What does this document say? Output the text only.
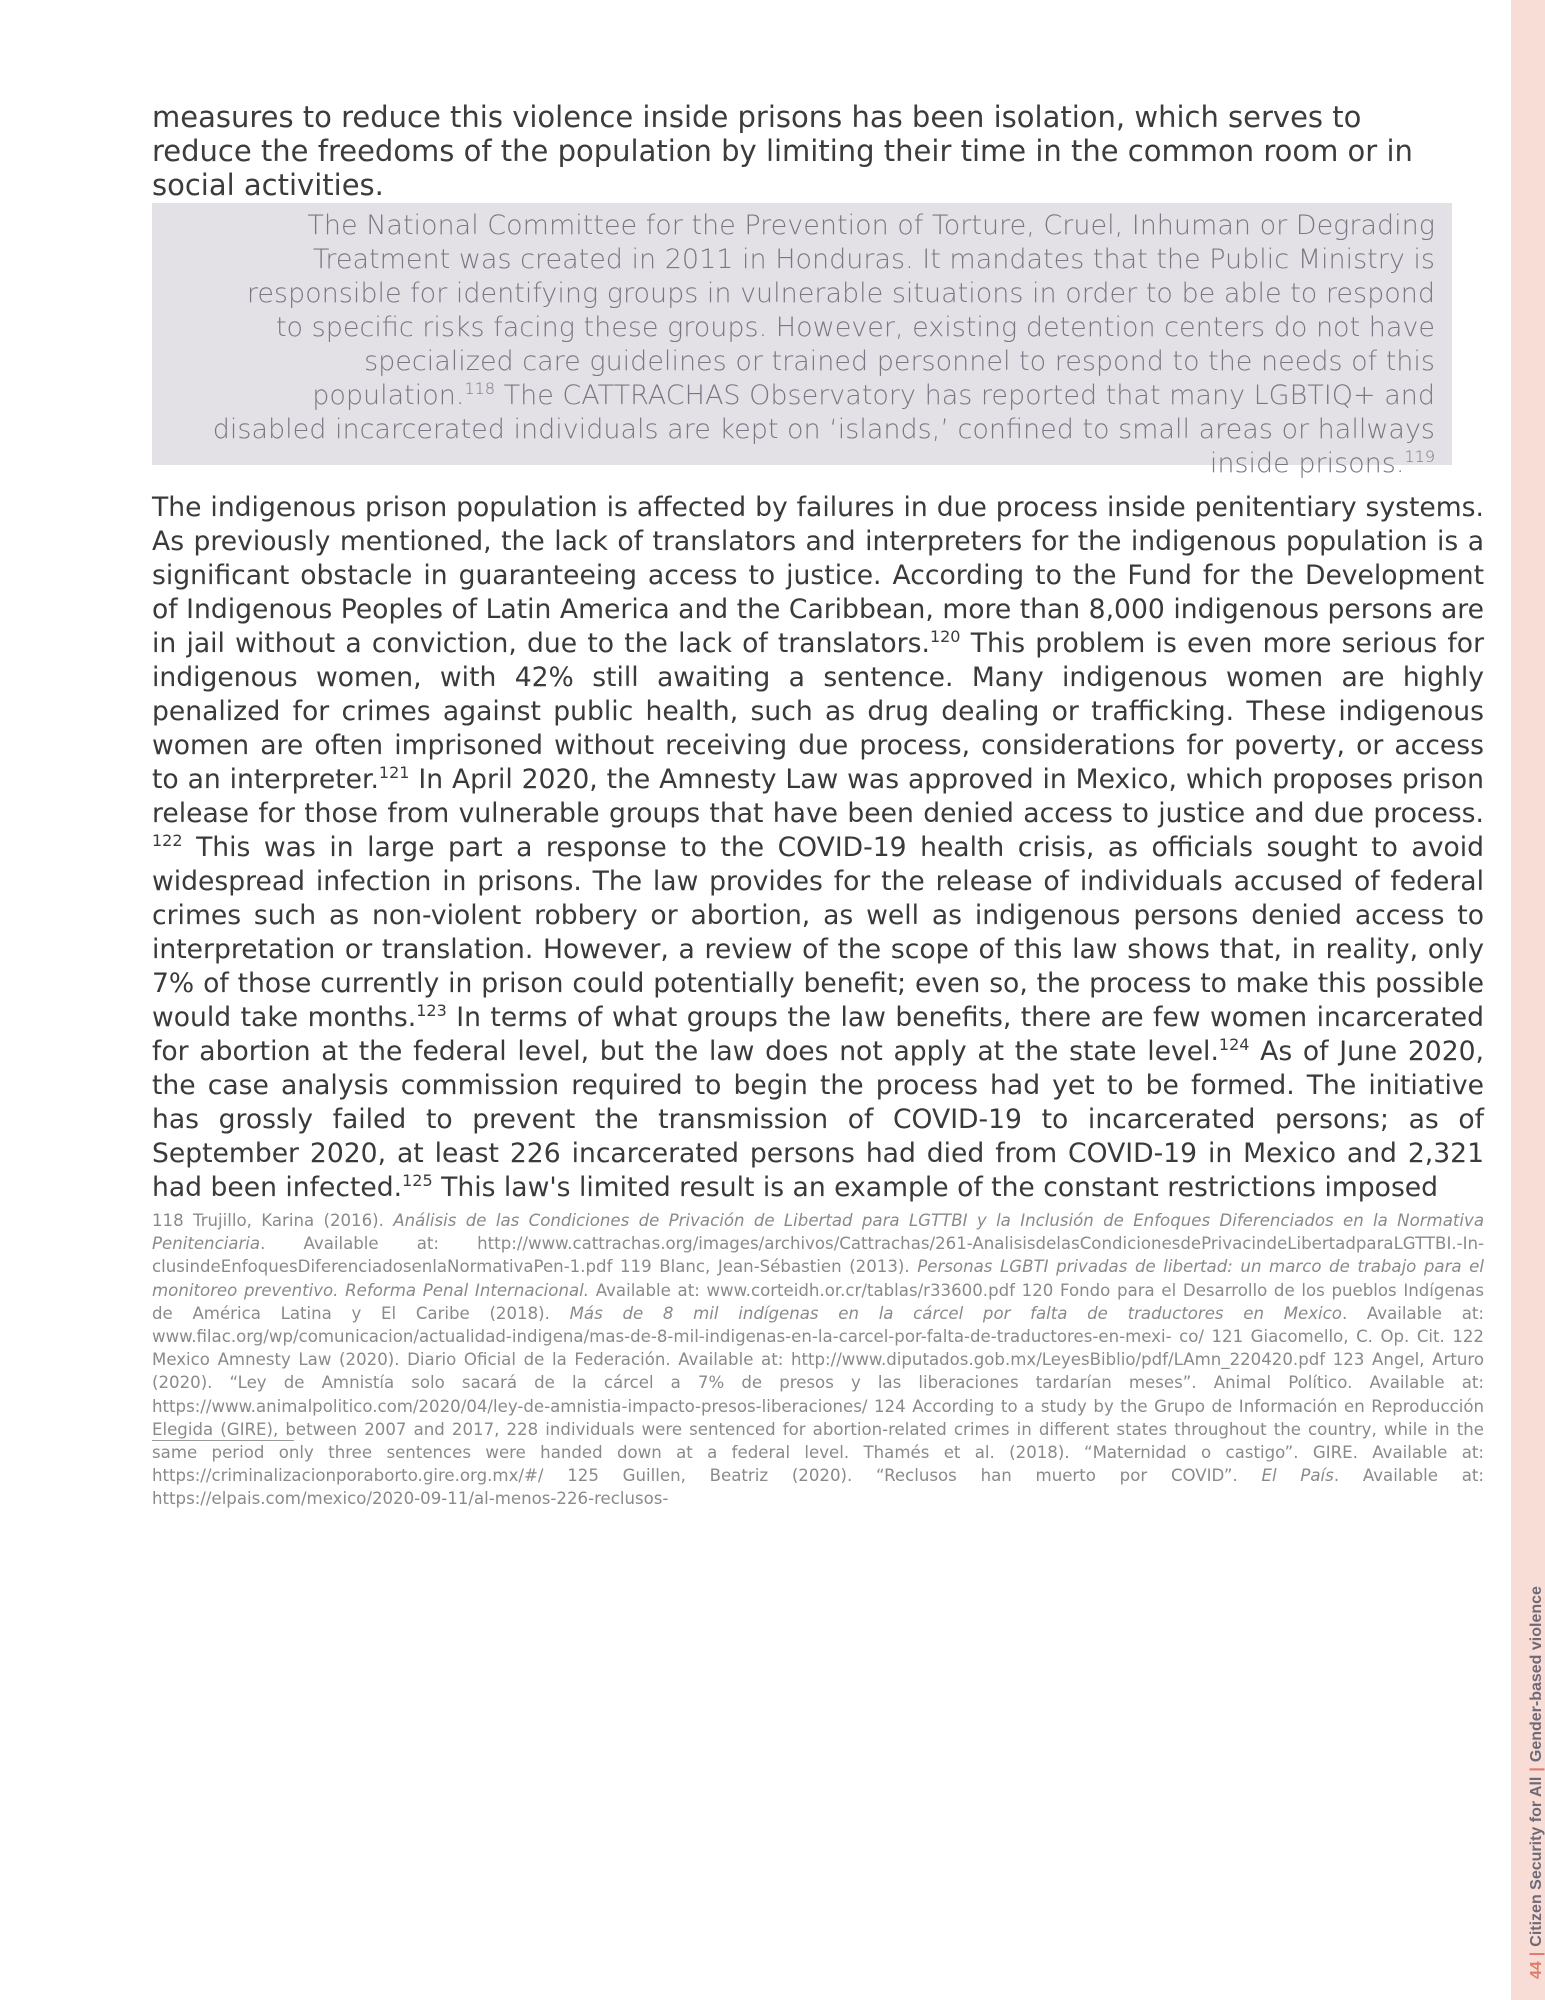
measures to reduce this violence inside prisons has been isolation, which serves to reduce the freedoms of the population by limiting their time in the common room or in social activities.

The National Committee for the Prevention of Torture, Cruel, Inhuman or Degrading Treatment was created in 2011 in Honduras. It mandates that the Public Ministry is responsible for identifying groups in vulnerable situations in order to be able to respond to specific risks facing these groups. However, existing detention centers do not have specialized care guidelines or trained personnel to respond to the needs of this population.$^{118}$ The CATTRACHAS Observatory has reported that many LGBTIQ+ and disabled incarcerated individuals are kept on ‘islands,’ confined to small areas or hallways inside prisons.$^{119}$

The indigenous prison population is affected by failures in due process inside penitentiary systems. As previously mentioned, the lack of translators and interpreters for the indigenous population is a significant obstacle in guaranteeing access to justice. According to the Fund for the Development of Indigenous Peoples of Latin America and the Caribbean, more than 8,000 indigenous persons are in jail without a conviction, due to the lack of translators.$^{120}$ This problem is even more serious for indigenous women, with 42% still awaiting a sentence. Many indigenous women are highly penalized for crimes against public health, such as drug dealing or trafficking. These indigenous women are often imprisoned without receiving due process, considerations for poverty, or access to an interpreter.$^{121}$ In April 2020, the Amnesty Law was approved in Mexico, which proposes prison release for those from vulnerable groups that have been denied access to justice and due process. $^{122}$ This was in large part a response to the COVID-19 health crisis, as officials sought to avoid widespread infection in prisons. The law provides for the release of individuals accused of federal crimes such as non-violent robbery or abortion, as well as indigenous persons denied access to interpretation or translation. However, a review of the scope of this law shows that, in reality, only 7% of those currently in prison could potentially benefit; even so, the process to make this possible would take months.$^{123}$ In terms of what groups the law benefits, there are few women incarcerated for abortion at the federal level, but the law does not apply at the state level.$^{124}$ As of June 2020, the case analysis commission required to begin the process had yet to be formed. The initiative has grossly failed to prevent the transmission of COVID-19 to incarcerated persons; as of September 2020, at least 226 incarcerated persons had died from COVID-19 in Mexico and 2,321 had been infected.$^{125}$ This law's limited result is an example of the constant restrictions imposed

118 Trujillo, Karina (2016). Análisis de las Condiciones de Privación de Libertad para LGTTBI y la Inclusión de Enfoques Diferenciados en la Normativa Penitenciaria. Available at: http://www.cattrachas.org/images/archivos/Cattrachas/261-AnalisisdelasCondicionesdePrivacindeLibertadparaLGTTBI.-In-clusindeEnfoquesDiferenciadosenlaNormativaPen-1.pdf 119 Blanc, Jean-Sébastien (2013). Personas LGBTI privadas de libertad: un marco de trabajo para el monitoreo preventivo. Reforma Penal Internacional. Available at: www.corteidh.or.cr/tablas/r33600.pdf 120 Fondo para el Desarrollo de los pueblos Indígenas de América Latina y El Caribe (2018). Más de 8 mil indígenas en la cárcel por falta de traductores en Mexico. Available at: www.filac.org/wp/comunicacion/actualidad-indigena/mas-de-8-mil-indigenas-en-la-carcel-por-falta-de-traductores-en-mexi- co/ 121 Giacomello, C. Op. Cit. 122 Mexico Amnesty Law (2020). Diario Oficial de la Federación. Available at: http://www.diputados.gob.mx/LeyesBiblio/pdf/LAmn_220420.pdf 123 Angel, Arturo (2020). “Ley de Amnistía solo sacará de la cárcel a 7% de presos y las liberaciones tardarían meses”. Animal Político. Available at: https://www.animalpolitico.com/2020/04/ley-de-amnistia-impacto-presos-liberaciones/ 124 According to a study by the Grupo de Información en Reproducción Elegida (GIRE), between 2007 and 2017, 228 individuals were sentenced for abortion-related crimes in different states throughout the country, while in the same period only three sentences were handed down at a federal level. Thamés et al. (2018). “Maternidad o castigo”. GIRE. Available at: https://criminalizacionporaborto.gire.org.mx/#/ 125 Guillen, Beatriz (2020). “Reclusos han muerto por COVID”. El País. Available at: https://elpais.com/mexico/2020-09-11/al-menos-226-reclusos-

44|Citizen Security for All|Gender-based violence
